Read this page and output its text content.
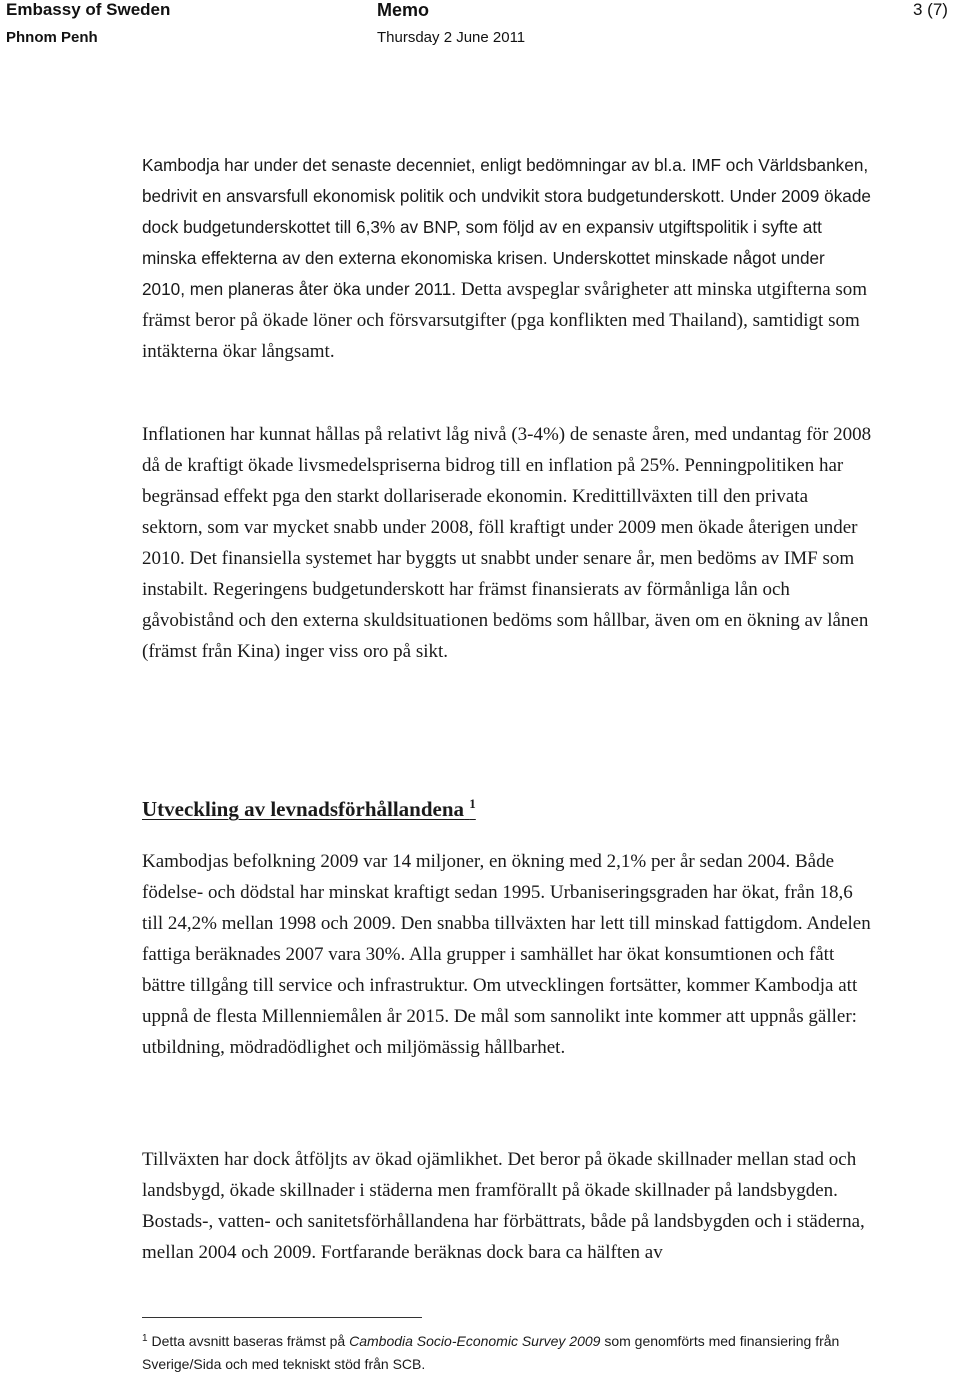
Embassy of Sweden	Memo	3 (7)
Phnom Penh	Thursday 2 June 2011

Kambodja har under det senaste decenniet, enligt bedömningar av bl.a. IMF och Världsbanken, bedrivit en ansvarsfull ekonomisk politik och undvikit stora budgetunderskott. Under 2009 ökade dock budgetunderskottet till 6,3% av BNP, som följd av en expansiv utgiftspolitik i syfte att minska effekterna av den externa ekonomiska krisen. Underskottet minskade något under 2010, men planeras åter öka under 2011. Detta avspeglar svårigheter att minska utgifterna som främst beror på ökade löner och försvarsutgifter (pga konflikten med Thailand), samtidigt som intäkterna ökar långsamt.

Inflationen har kunnat hållas på relativt låg nivå (3-4%) de senaste åren, med undantag för 2008 då de kraftigt ökade livsmedelspriserna bidrog till en inflation på 25%. Penningpolitiken har begränsad effekt pga den starkt dollariserade ekonomin. Kredittillväxten till den privata sektorn, som var mycket snabb under 2008, föll kraftigt under 2009 men ökade återigen under 2010. Det finansiella systemet har byggts ut snabbt under senare år, men bedöms av IMF som instabilt. Regeringens budgetunderskott har främst finansierats av förmånliga lån och gåvobistånd och den externa skuldsituationen bedöms som hållbar, även om en ökning av lånen (främst från Kina) inger viss oro på sikt.

Utveckling av levnadsförhållandena $^1$

Kambodjas befolkning 2009 var 14 miljoner, en ökning med 2,1% per år sedan 2004. Både födelse- och dödstal har minskat kraftigt sedan 1995. Urbaniseringsgraden har ökat, från 18,6 till 24,2% mellan 1998 och 2009. Den snabba tillväxten har lett till minskad fattigdom. Andelen fattiga beräknades 2007 vara 30%. Alla grupper i samhället har ökat konsumtionen och fått bättre tillgång till service och infrastruktur. Om utvecklingen fortsätter, kommer Kambodja att uppnå de flesta Millenniemålen år 2015. De mål som sannolikt inte kommer att uppnås gäller: utbildning, mödradödlighet och miljömässig hållbarhet.

Tillväxten har dock åtföljts av ökad ojämlikhet. Det beror på ökade skillnader mellan stad och landsbygd, ökade skillnader i städerna men framförallt på ökade skillnader på landsbygden. Bostads-, vatten- och sanitetsförhållandena har förbättrats, både på landsbygden och i städerna, mellan 2004 och 2009. Fortfarande beräknas dock bara ca hälften av

$^1$ Detta avsnitt baseras främst på Cambodia Socio-Economic Survey 2009 som genomförts med finansiering från Sverige/Sida och med tekniskt stöd från SCB.
